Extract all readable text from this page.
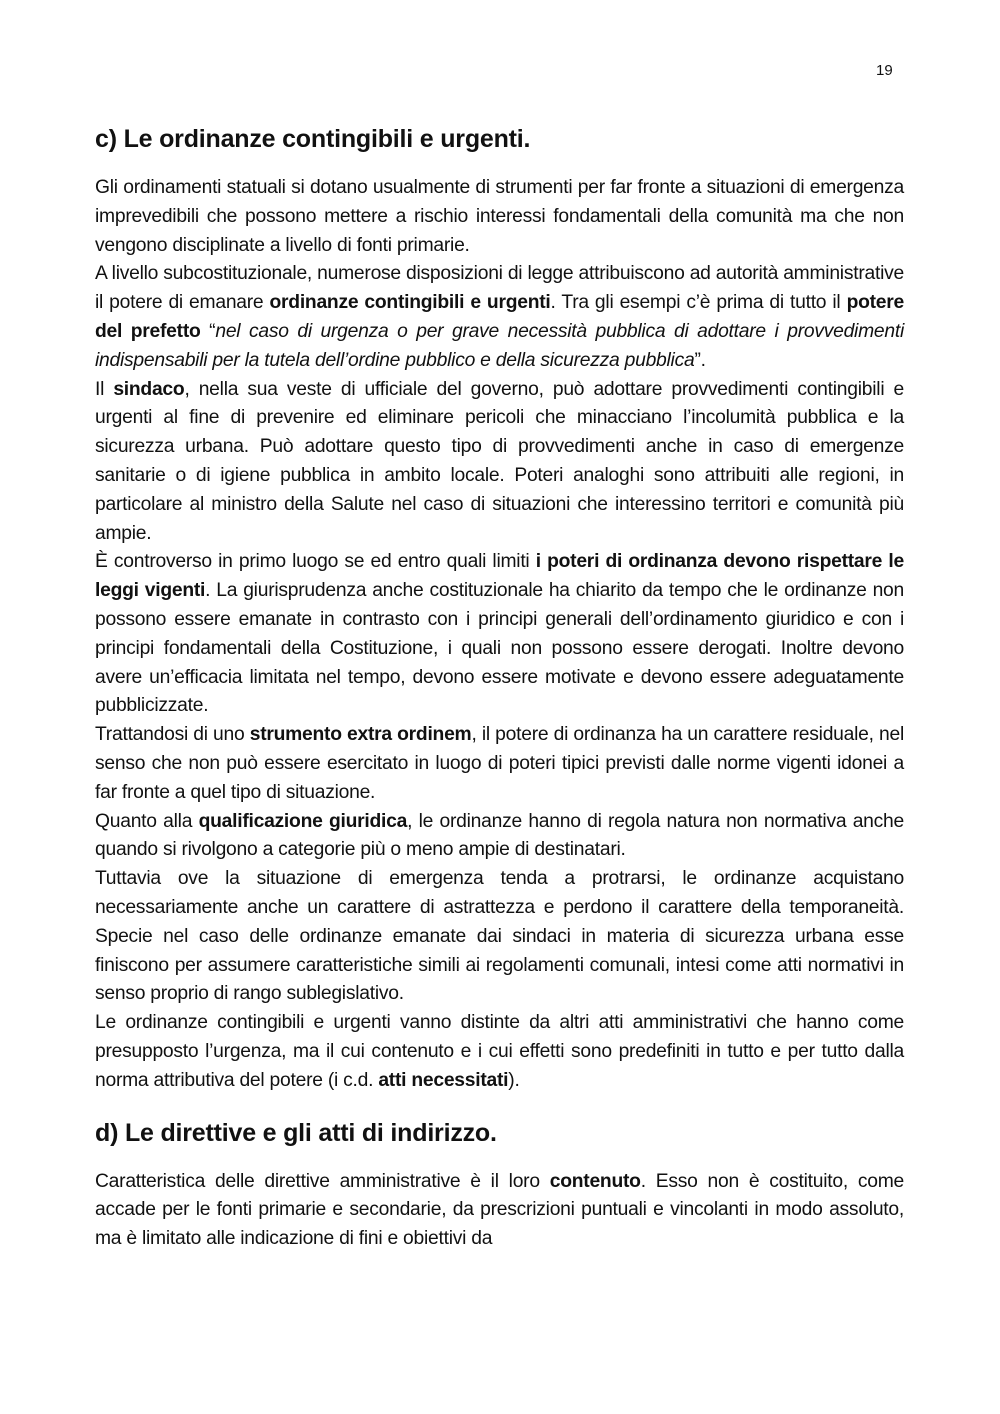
19
c) Le ordinanze contingibili e urgenti.

Gli ordinamenti statuali si dotano usualmente di strumenti per far fronte a situazioni di emergenza imprevedibili che possono mettere a rischio interessi fondamentali della comunità ma che non vengono disciplinate a livello di fonti primarie.

A livello subcostituzionale, numerose disposizioni di legge attribuiscono ad autorità amministrative il potere di emanare ordinanze contingibili e urgenti. Tra gli esempi c’è prima di tutto il potere del prefetto “nel caso di urgenza o per grave necessità pubblica di adottare i provvedimenti indispensabili per la tutela dell’ordine pubblico e della sicurezza pubblica”.

Il sindaco, nella sua veste di ufficiale del governo, può adottare provvedimenti contingibili e urgenti al fine di prevenire ed eliminare pericoli che minacciano l’incolumità pubblica e la sicurezza urbana. Può adottare questo tipo di provvedimenti anche in caso di emergenze sanitarie o di igiene pubblica in ambito locale. Poteri analoghi sono attribuiti alle regioni, in particolare al ministro della Salute nel caso di situazioni che interessino territori e comunità più ampie.

È controverso in primo luogo se ed entro quali limiti i poteri di ordinanza devono rispettare le leggi vigenti. La giurisprudenza anche costituzionale ha chiarito da tempo che le ordinanze non possono essere emanate in contrasto con i principi generali dell’ordinamento giuridico e con i principi fondamentali della Costituzione, i quali non possono essere derogati. Inoltre devono avere un’efficacia limitata nel tempo, devono essere motivate e devono essere adeguatamente pubblicizzate.

Trattandosi di uno strumento extra ordinem, il potere di ordinanza ha un carattere residuale, nel senso che non può essere esercitato in luogo di poteri tipici previsti dalle norme vigenti idonei a far fronte a quel tipo di situazione.

Quanto alla qualificazione giuridica, le ordinanze hanno di regola natura non normativa anche quando si rivolgono a categorie più o meno ampie di destinatari.

Tuttavia ove la situazione di emergenza tenda a protrarsi, le ordinanze acquistano necessariamente anche un carattere di astrattezza e perdono il carattere della temporaneità. Specie nel caso delle ordinanze emanate dai sindaci in materia di sicurezza urbana esse finiscono per assumere caratteristiche simili ai regolamenti comunali, intesi come atti normativi in senso proprio di rango sublegislativo.

Le ordinanze contingibili e urgenti vanno distinte da altri atti amministrativi che hanno come presupposto l’urgenza, ma il cui contenuto e i cui effetti sono predefiniti in tutto e per tutto dalla norma attributiva del potere (i c.d. atti necessitati).

d) Le direttive e gli atti di indirizzo.

Caratteristica delle direttive amministrative è il loro contenuto. Esso non è costituito, come accade per le fonti primarie e secondarie, da prescrizioni puntuali e vincolanti in modo assoluto, ma è limitato alle indicazione di fini e obiettivi da
